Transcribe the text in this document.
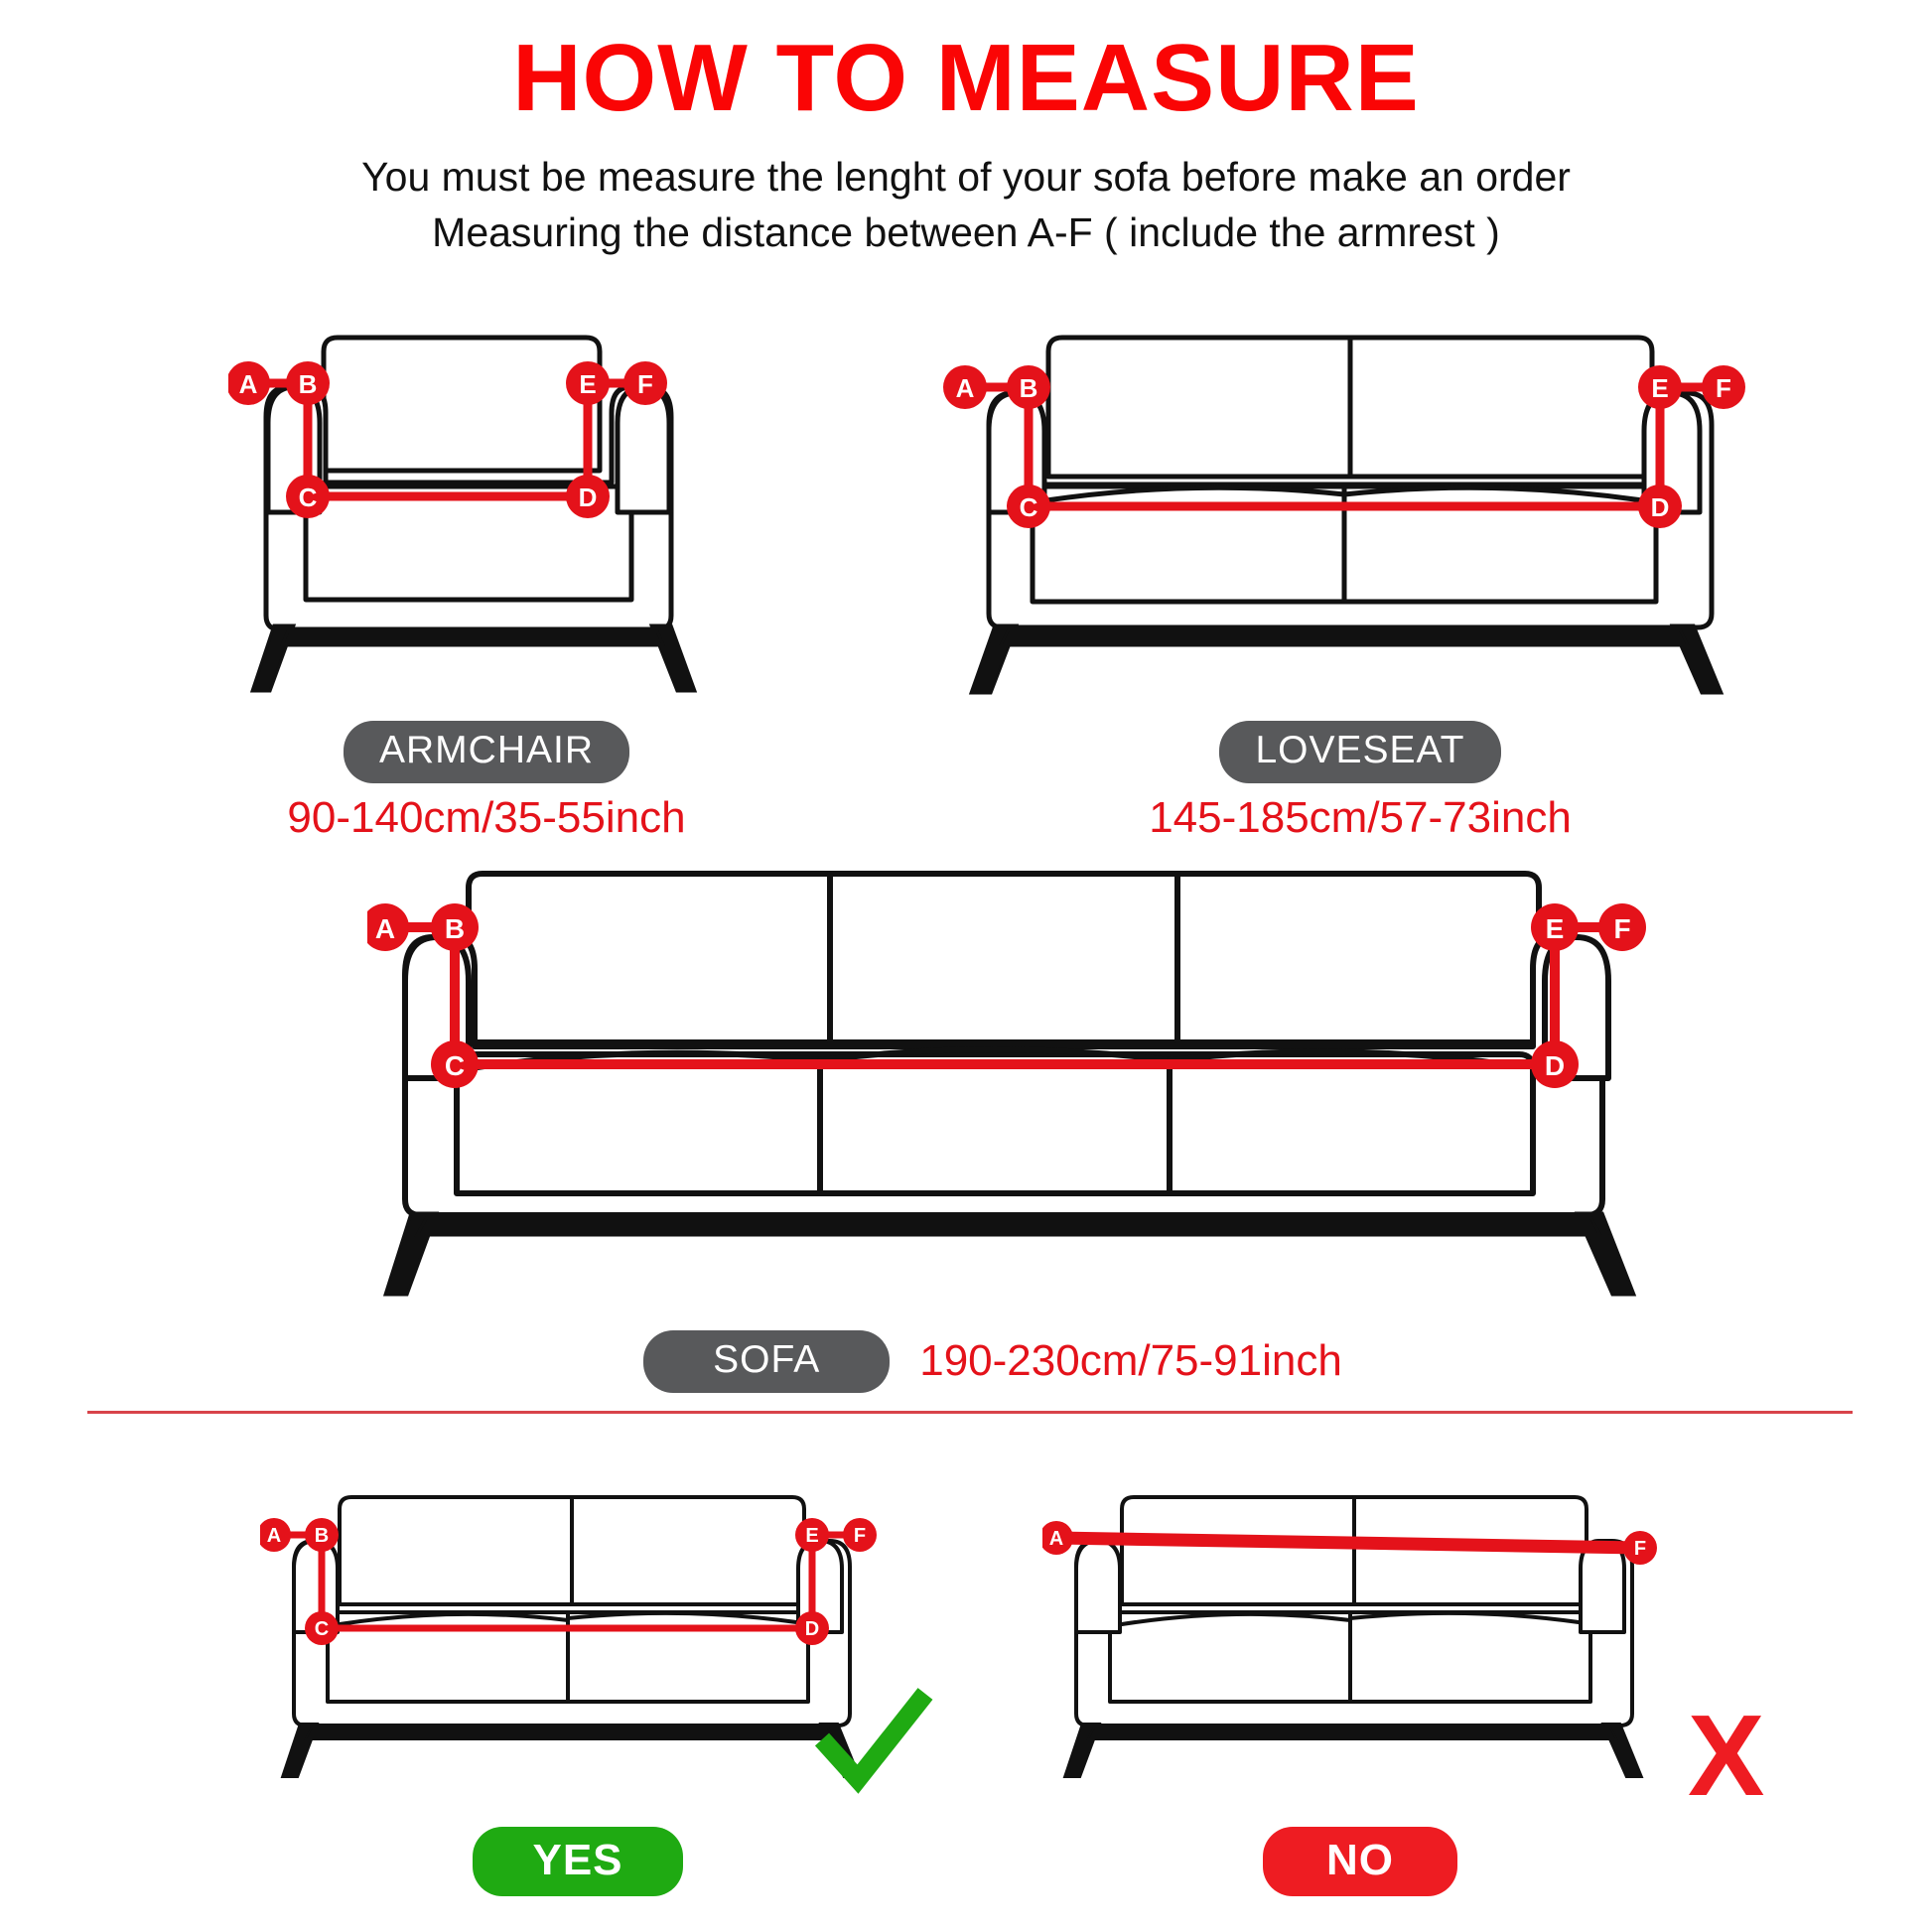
HOW TO MEASURE
You must be measure the lenght of your sofa before make an order
Measuring the distance between A-F ( include the armrest )
A B
C	D
E F
ARMCHAIR
90-140cm/35-55inch
A B
C	D
E F
LOVESEAT
145-185cm/57-73inch
A B
C	D
E F
SOFA	190-230cm/75-91inch
A B
C	D
E F
YES
A	F
X
NO
